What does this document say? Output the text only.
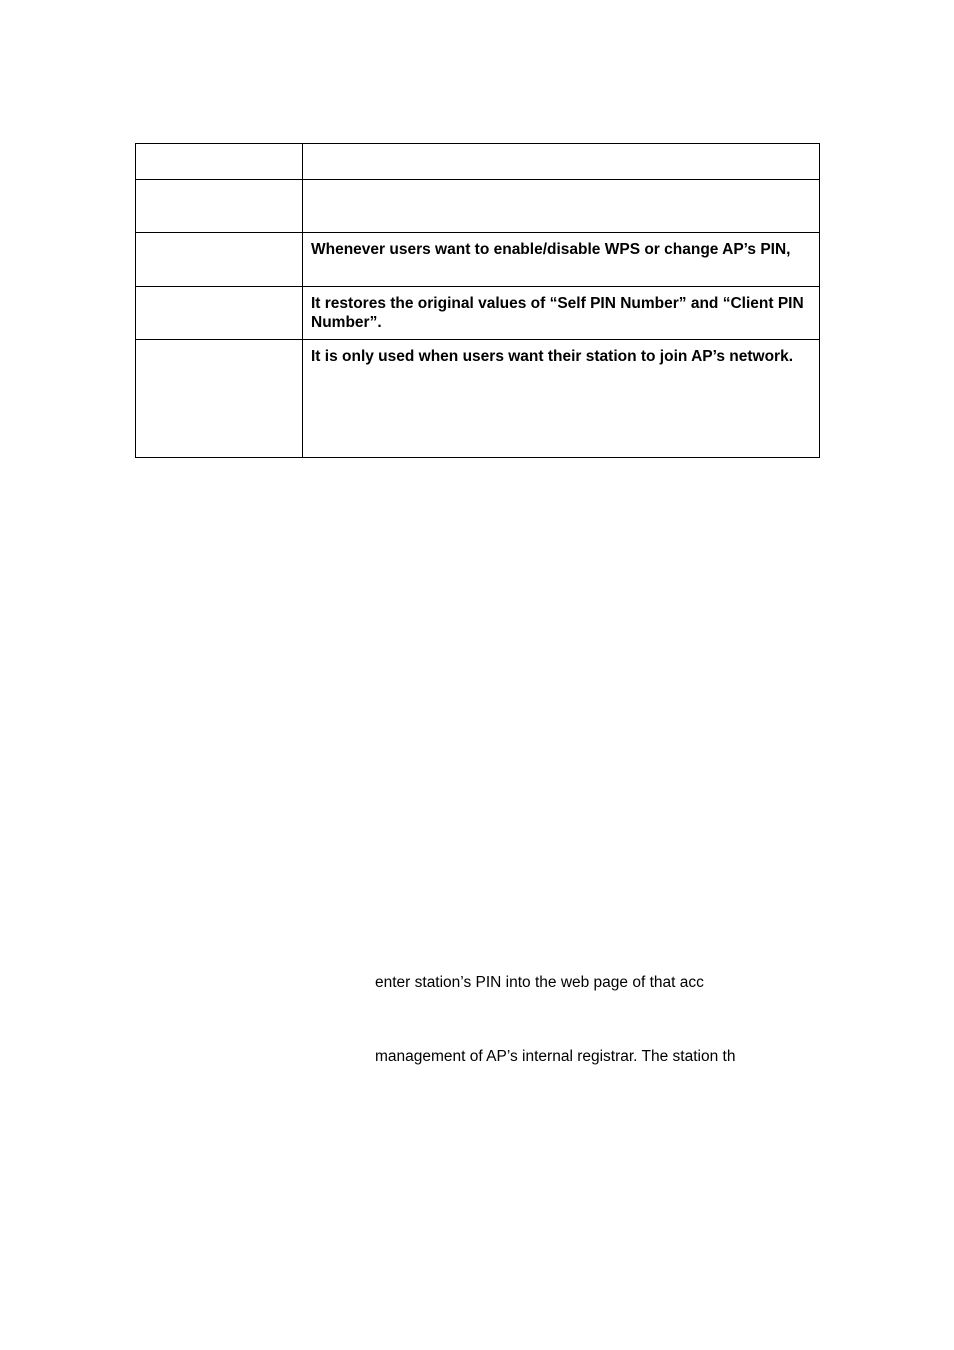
	Whenever users want to enable/disable WPS or change AP’s PIN,

	It restores the original values of “Self PIN Number” and “Client PIN Number”.

	It is only used when users want their station to join AP’s network.
enter station’s PIN into the web page of that acc
management of AP’s internal registrar. The station th
